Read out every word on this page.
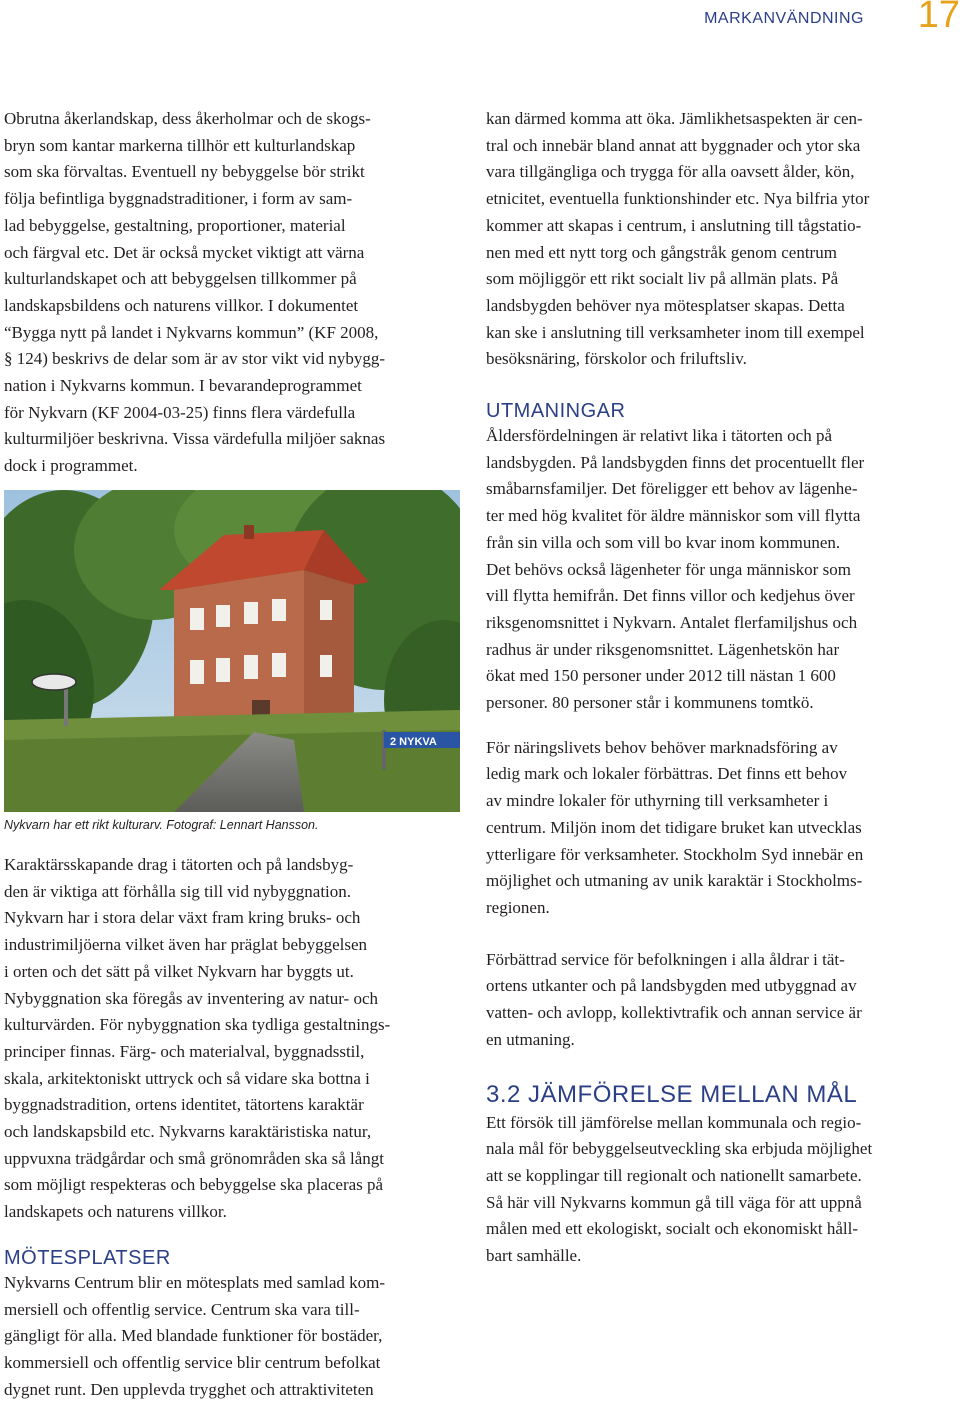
MARKANVÄNDNING 17

Obrutna åkerlandskap, dess åkerholmar och de skogs-
bryn som kantar markerna tillhör ett kulturlandskap
som ska förvaltas. Eventuell ny bebyggelse bör strikt
följa befintliga byggnadstraditioner, i form av sam-
lad bebyggelse, gestaltning, proportioner, material
och färgval etc. Det är också mycket viktigt att värna
kulturlandskapet och att bebyggelsen tillkommer på
landskapsbildens och naturens villkor. I dokumentet
“Bygga nytt på landet i Nykvarns kommun” (KF 2008,
§ 124) beskrivs de delar som är av stor vikt vid nybygg-
nation i Nykvarns kommun. I bevarandeprogrammet
för Nykvarn (KF 2004-03-25) finns flera värdefulla
kulturmiljöer beskrivna. Vissa värdefulla miljöer saknas
dock i programmet.

2 NYKVA
Nykvarn har ett rikt kulturarv. Fotograf: Lennart Hansson.

Karaktärsskapande drag i tätorten och på landsbyg-
den är viktiga att förhålla sig till vid nybyggnation.
Nykvarn har i stora delar växt fram kring bruks- och
industrimiljöerna vilket även har präglat bebyggelsen
i orten och det sätt på vilket Nykvarn har byggts ut.
Nybyggnation ska föregås av inventering av natur- och
kulturvärden. För nybyggnation ska tydliga gestaltnings-
principer finnas. Färg- och materialval, byggnadsstil,
skala, arkitektoniskt uttryck och så vidare ska bottna i
byggnadstradition, ortens identitet, tätortens karaktär
och landskapsbild etc. Nykvarns karaktäristiska natur,
uppvuxna trädgårdar och små grönområden ska så långt
som möjligt respekteras och bebyggelse ska placeras på
landskapets och naturens villkor.

MÖTESPLATSER

Nykvarns Centrum blir en mötesplats med samlad kom-
mersiell och offentlig service. Centrum ska vara till-
gängligt för alla. Med blandade funktioner för bostäder,
kommersiell och offentlig service blir centrum befolkat
dygnet runt. Den upplevda trygghet och attraktiviteten

kan därmed komma att öka. Jämlikhetsaspekten är cen-
tral och innebär bland annat att byggnader och ytor ska
vara tillgängliga och trygga för alla oavsett ålder, kön,
etnicitet, eventuella funktionshinder etc. Nya bilfria ytor
kommer att skapas i centrum, i anslutning till tågstatio-
nen med ett nytt torg och gångstråk genom centrum
som möjliggör ett rikt socialt liv på allmän plats. På
landsbygden behöver nya mötesplatser skapas. Detta
kan ske i anslutning till verksamheter inom till exempel
besöksnäring, förskolor och friluftsliv.

UTMANINGAR

Åldersfördelningen är relativt lika i tätorten och på
landsbygden. På landsbygden finns det procentuellt fler
småbarnsfamiljer. Det föreligger ett behov av lägenhe-
ter med hög kvalitet för äldre människor som vill flytta
från sin villa och som vill bo kvar inom kommunen.
Det behövs också lägenheter för unga människor som
vill flytta hemifrån. Det finns villor och kedjehus över
riksgenomsnittet i Nykvarn. Antalet flerfamiljshus och
radhus är under riksgenomsnittet. Lägenhetskön har
ökat med 150 personer under 2012 till nästan 1 600
personer. 80 personer står i kommunens tomtkö.

För näringslivets behov behöver marknadsföring av
ledig mark och lokaler förbättras. Det finns ett behov
av mindre lokaler för uthyrning till verksamheter i
centrum. Miljön inom det tidigare bruket kan utvecklas
ytterligare för verksamheter. Stockholm Syd innebär en
möjlighet och utmaning av unik karaktär i Stockholms-
regionen.

Förbättrad service för befolkningen i alla åldrar i tät-
ortens utkanter och på landsbygden med utbyggnad av
vatten- och avlopp, kollektivtrafik och annan service är
en utmaning.

3.2 JÄMFÖRELSE MELLAN MÅL

Ett försök till jämförelse mellan kommunala och regio-
nala mål för bebyggelseutveckling ska erbjuda möjlighet
att se kopplingar till regionalt och nationellt samarbete.
Så här vill Nykvarns kommun gå till väga för att uppnå
målen med ett ekologiskt, socialt och ekonomiskt håll-
bart samhälle.
